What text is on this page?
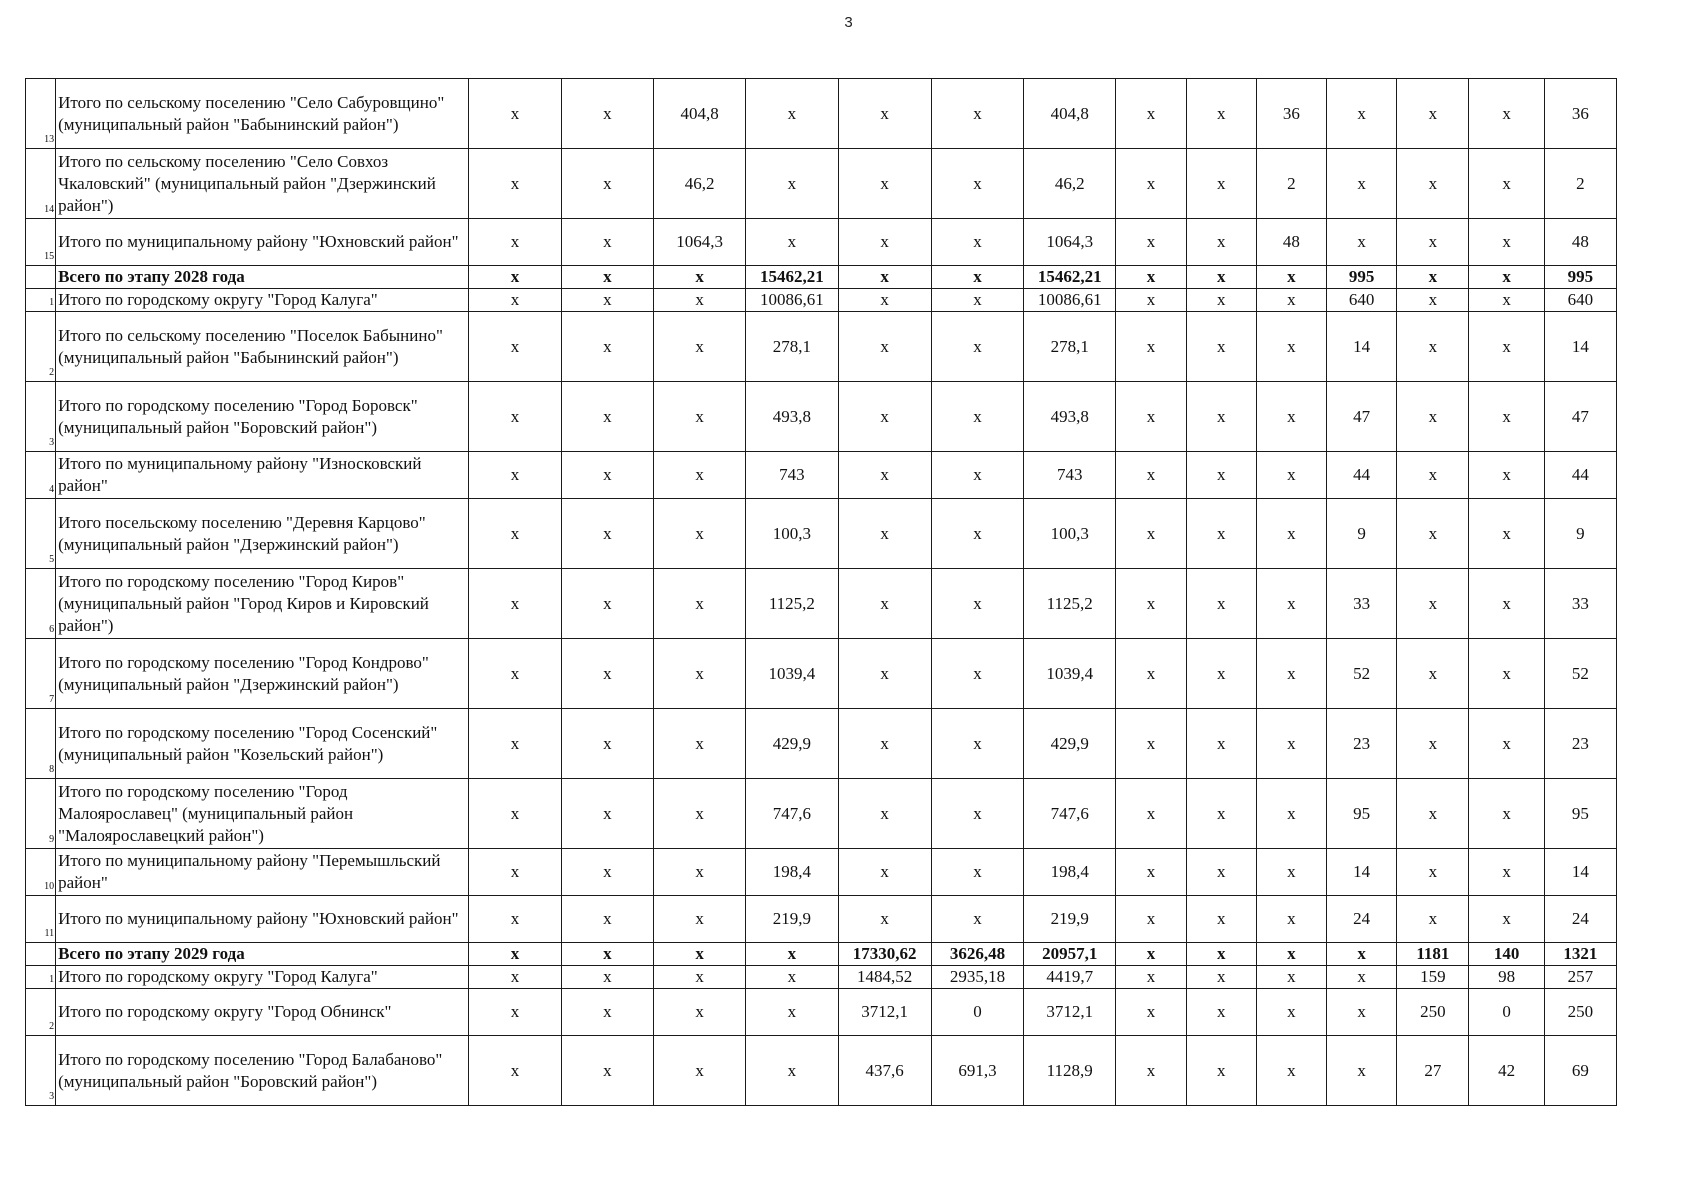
3
13	Итого по сельскому поселению "Село Сабуровщино" (муниципальный район "Бабынинский район")	х	х	404,8	х	х	х	404,8	х	х	36	х	х	х	36
14	Итого по сельскому поселению "Село Совхоз Чкаловский" (муниципальный район "Дзержинский район")	х	х	46,2	х	х	х	46,2	х	х	2	х	х	х	2
15	Итого по муниципальному району "Юхновский район"	х	х	1064,3	х	х	х	1064,3	х	х	48	х	х	х	48
	Всего по этапу 2028 года	х	х	х	15462,21	х	х	15462,21	х	х	х	995	х	х	995
1	Итого по городскому округу "Город Калуга"	х	х	х	10086,61	х	х	10086,61	х	х	х	640	х	х	640
2	Итого по сельскому поселению "Поселок Бабынино" (муниципальный район "Бабынинский район")	х	х	х	278,1	х	х	278,1	х	х	х	14	х	х	14
3	Итого по городскому поселению "Город Боровск" (муниципальный район "Боровский район")	х	х	х	493,8	х	х	493,8	х	х	х	47	х	х	47
4	Итого по муниципальному району "Износковский район"	х	х	х	743	х	х	743	х	х	х	44	х	х	44
5	Итого посельскому поселению "Деревня Карцово" (муниципальный район "Дзержинский район")	х	х	х	100,3	х	х	100,3	х	х	х	9	х	х	9
6	Итого по городскому поселению "Город Киров" (муниципальный район "Город Киров и Кировский район")	х	х	х	1125,2	х	х	1125,2	х	х	х	33	х	х	33
7	Итого по городскому поселению "Город Кондрово" (муниципальный район "Дзержинский район")	х	х	х	1039,4	х	х	1039,4	х	х	х	52	х	х	52
8	Итого по городскому поселению "Город Сосенский" (муниципальный район "Козельский район")	х	х	х	429,9	х	х	429,9	х	х	х	23	х	х	23
9	Итого по городскому поселению "Город Малоярославец" (муниципальный район "Малоярославецкий район")	х	х	х	747,6	х	х	747,6	х	х	х	95	х	х	95
10	Итого по муниципальному району "Перемышльский район"	х	х	х	198,4	х	х	198,4	х	х	х	14	х	х	14
11	Итого по муниципальному району "Юхновский район"	х	х	х	219,9	х	х	219,9	х	х	х	24	х	х	24
	Всего по этапу 2029 года	х	х	х	х	17330,62	3626,48	20957,1	х	х	х	х	1181	140	1321
1	Итого по городскому округу "Город Калуга"	х	х	х	х	1484,52	2935,18	4419,7	х	х	х	х	159	98	257
2	Итого по городскому округу "Город Обнинск"	х	х	х	х	3712,1	0	3712,1	х	х	х	х	250	0	250
3	Итого по городскому поселению "Город Балабаново" (муниципальный район "Боровский район")	х	х	х	х	437,6	691,3	1128,9	х	х	х	х	27	42	69
